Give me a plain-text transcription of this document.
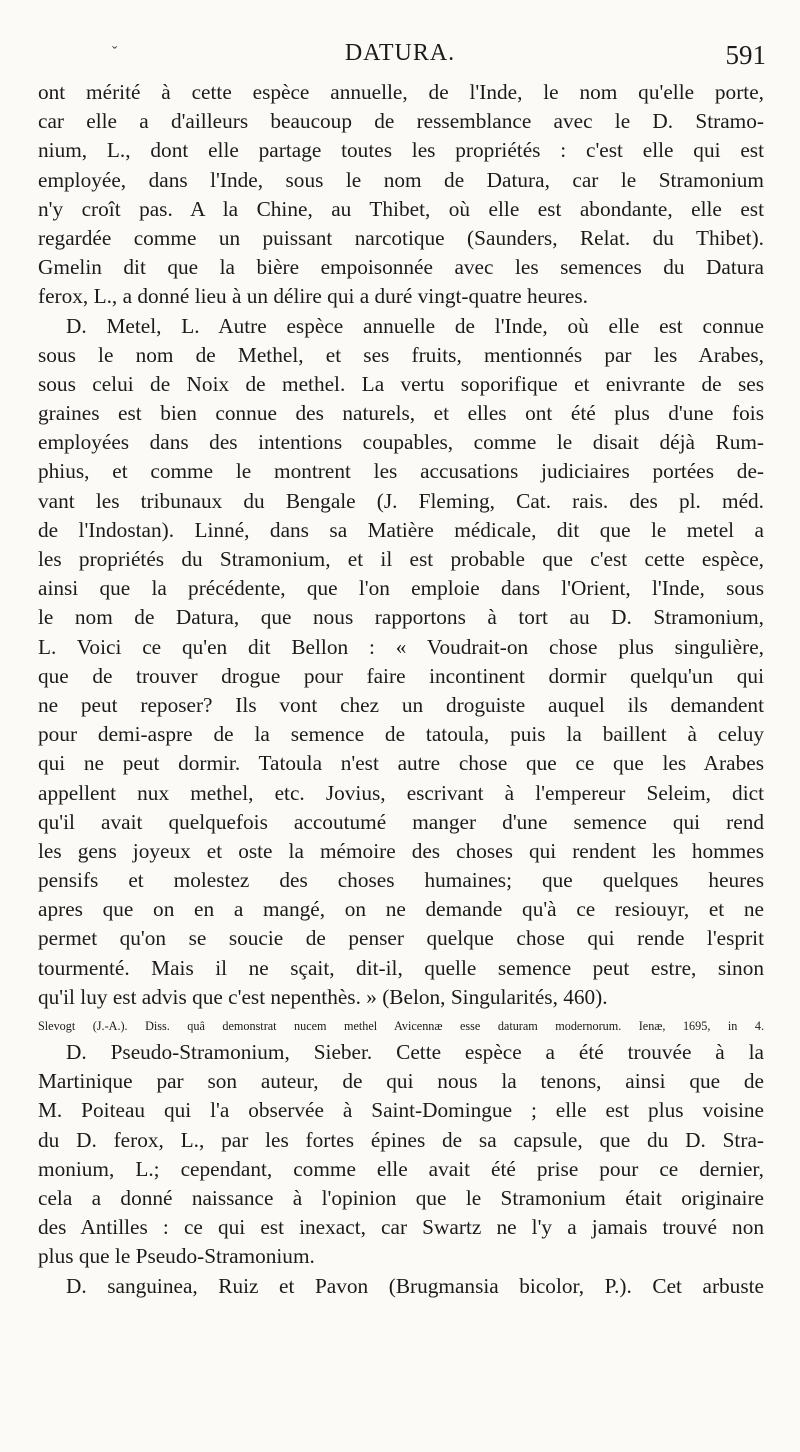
ˇ	DATURA.	591
ont mérité à cette espèce annuelle, de l'Inde, le nom qu'elle porte,
car elle a d'ailleurs beaucoup de ressemblance avec le D. Stramo-
nium, L., dont elle partage toutes les propriétés : c'est elle qui est
employée, dans l'Inde, sous le nom de Datura, car le Stramonium
n'y croît pas. A la Chine, au Thibet, où elle est abondante, elle est
regardée comme un puissant narcotique (Saunders, Relat. du Thibet).
Gmelin dit que la bière empoisonnée avec les semences du Datura
ferox, L., a donné lieu à un délire qui a duré vingt-quatre heures.
D. Metel, L. Autre espèce annuelle de l'Inde, où elle est connue
sous le nom de Methel, et ses fruits, mentionnés par les Arabes,
sous celui de Noix de methel. La vertu soporifique et enivrante de ses
graines est bien connue des naturels, et elles ont été plus d'une fois
employées dans des intentions coupables, comme le disait déjà Rum-
phius, et comme le montrent les accusations judiciaires portées de-
vant les tribunaux du Bengale (J. Fleming, Cat. rais. des pl. méd.
de l'Indostan). Linné, dans sa Matière médicale, dit que le metel a
les propriétés du Stramonium, et il est probable que c'est cette espèce,
ainsi que la précédente, que l'on emploie dans l'Orient, l'Inde, sous
le nom de Datura, que nous rapportons à tort au D. Stramonium,
L. Voici ce qu'en dit Bellon : « Voudrait-on chose plus singulière,
que de trouver drogue pour faire incontinent dormir quelqu'un qui
ne peut reposer? Ils vont chez un droguiste auquel ils demandent
pour demi-aspre de la semence de tatoula, puis la baillent à celuy
qui ne peut dormir. Tatoula n'est autre chose que ce que les Arabes
appellent nux methel, etc. Jovius, escrivant à l'empereur Seleim, dict
qu'il avait quelquefois accoutumé manger d'une semence qui rend
les gens joyeux et oste la mémoire des choses qui rendent les hommes
pensifs et molestez des choses humaines; que quelques heures
apres que on en a mangé, on ne demande qu'à ce resiouyr, et ne
permet qu'on se soucie de penser quelque chose qui rende l'esprit
tourmenté. Mais il ne sçait, dit-il, quelle semence peut estre, sinon
qu'il luy est advis que c'est nepenthès. » (Belon, Singularités, 460).
Slevogt (J.-A.). Diss. quâ demonstrat nucem methel Avicennæ esse daturam modernorum. Ienæ, 1695, in 4.
D. Pseudo-Stramonium, Sieber. Cette espèce a été trouvée à la
Martinique par son auteur, de qui nous la tenons, ainsi que de
M. Poiteau qui l'a observée à Saint-Domingue ; elle est plus voisine
du D. ferox, L., par les fortes épines de sa capsule, que du D. Stra-
monium, L.; cependant, comme elle avait été prise pour ce dernier,
cela a donné naissance à l'opinion que le Stramonium était originaire
des Antilles : ce qui est inexact, car Swartz ne l'y a jamais trouvé non
plus que le Pseudo-Stramonium.
D. sanguinea, Ruiz et Pavon (Brugmansia bicolor, P.). Cet arbuste
